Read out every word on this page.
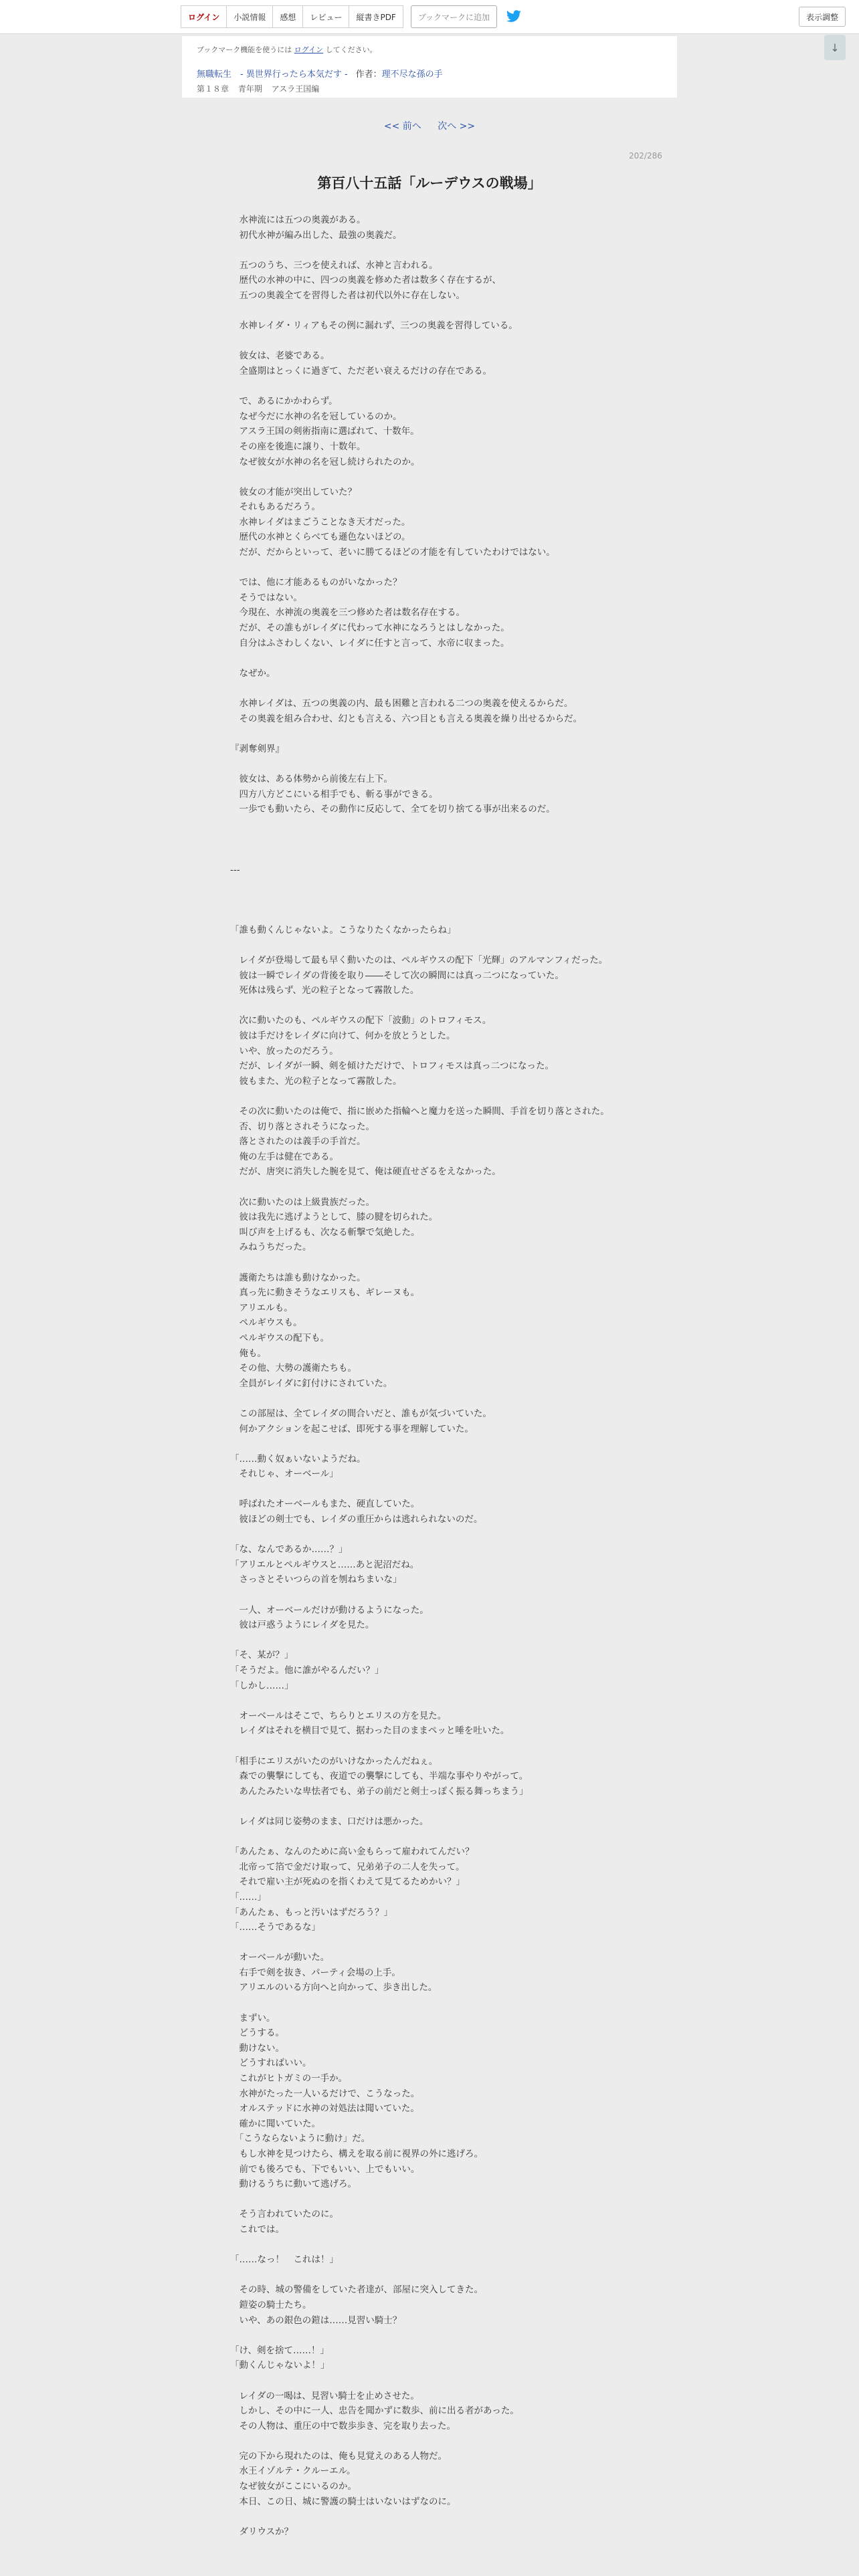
ログイン	小説情報	感想	レビュー	縦書きPDF	ブックマークに追加	表示調整
ブックマーク機能を使うには ログイン してください。
無職転生　- 異世界行ったら本気だす - 作者：理不尽な孫の手
第１８章 青年期 アスラ王国編
↓
<< 前へ 次へ >>
202/286
第百八十五話「ルーデウスの戦場」

　水神流には五つの奥義がある。

　初代水神が編み出した、最強の奥義だ。

　五つのうち、三つを使えれば、水神と言われる。

　歴代の水神の中に、四つの奥義を修めた者は数多く存在するが、

　五つの奥義全てを習得した者は初代以外に存在しない。

　水神レイダ・リィアもその例に漏れず、三つの奥義を習得している。

　彼女は、老婆である。

　全盛期はとっくに過ぎて、ただ老い衰えるだけの存在である。

　で、あるにかかわらず。

　なぜ今だに水神の名を冠しているのか。

　アスラ王国の剣術指南に選ばれて、十数年。

　その座を後進に譲り、十数年。

　なぜ彼女が水神の名を冠し続けられたのか。

　彼女の才能が突出していた？

　それもあるだろう。

　水神レイダはまごうことなき天才だった。

　歴代の水神とくらべても遜色ないほどの。

　だが、だからといって、老いに勝てるほどの才能を有していたわけではない。

　では、他に才能あるものがいなかった？

　そうではない。

　今現在、水神流の奥義を三つ修めた者は数名存在する。

　だが、その誰もがレイダに代わって水神になろうとはしなかった。

　自分はふさわしくない、レイダに任すと言って、水帝に収まった。

　なぜか。

　水神レイダは、五つの奥義の内、最も困難と言われる二つの奥義を使えるからだ。

　その奥義を組み合わせ、幻とも言える、六つ目とも言える奥義を繰り出せるからだ。

『剥奪剣界』

　彼女は、ある体勢から前後左右上下。

　四方八方どこにいる相手でも、斬る事ができる。

　一歩でも動いたら、その動作に反応して、全てを切り捨てる事が出来るのだ。

---

「誰も動くんじゃないよ。こうなりたくなかったらね」

　レイダが登場して最も早く動いたのは、ペルギウスの配下「光輝」のアルマンフィだった。

　彼は一瞬でレイダの背後を取り――そして次の瞬間には真っ二つになっていた。

　死体は残らず、光の粒子となって霧散した。

　次に動いたのも、ペルギウスの配下「波動」のトロフィモス。

　彼は手だけをレイダに向けて、何かを放とうとした。

　いや、放ったのだろう。

　だが、レイダが一瞬、剣を傾けただけで、トロフィモスは真っ二つになった。

　彼もまた、光の粒子となって霧散した。

　その次に動いたのは俺で、指に嵌めた指輪へと魔力を送った瞬間、手首を切り落とされた。

　否、切り落とされそうになった。

　落とされたのは義手の手首だ。

　俺の左手は健在である。

　だが、唐突に消失した腕を見て、俺は硬直せざるをえなかった。

　次に動いたのは上級貴族だった。

　彼は我先に逃げようとして、膝の腱を切られた。

　叫び声を上げるも、次なる斬撃で気絶した。

　みねうちだった。

　護衛たちは誰も動けなかった。

　真っ先に動きそうなエリスも、ギレーヌも。

　アリエルも。

　ペルギウスも。

　ペルギウスの配下も。

　俺も。

　その他、大勢の護衛たちも。

　全員がレイダに釘付けにされていた。

　この部屋は、全てレイダの間合いだと、誰もが気づいていた。

　何かアクションを起こせば、即死する事を理解していた。

「……動く奴ぁいないようだね。

　それじゃ、オーベール」

　呼ばれたオーベールもまた、硬直していた。

　彼ほどの剣士でも、レイダの重圧からは逃れられないのだ。

「な、なんであるか……？」

「アリエルとペルギウスと……あと泥沼だね。

　さっさとそいつらの首を刎ねちまいな」

　一人、オーベールだけが動けるようになった。

　彼は戸惑うようにレイダを見た。

「そ、某が？」

「そうだよ。他に誰がやるんだい？」

「しかし……」

　オーベールはそこで、ちらりとエリスの方を見た。

　レイダはそれを横目で見て、据わった目のままペッと唾を吐いた。

「相手にエリスがいたのがいけなかったんだねぇ。

　森での襲撃にしても、夜道での襲撃にしても、半端な事やりやがって。

　あんたみたいな卑怯者でも、弟子の前だと剣士っぽく振る舞っちまう」

　レイダは同じ姿勢のまま、口だけは悪かった。

「あんたぁ、なんのために高い金もらって雇われてんだい？

　北帝って箔で金だけ取って、兄弟弟子の二人を失って。

　それで雇い主が死ぬのを指くわえて見てるためかい？」

「……」

「あんたぁ、もっと汚いはずだろう？」

「……そうであるな」

　オーベールが動いた。

　右手で剣を抜き、パーティ会場の上手。

　アリエルのいる方向へと向かって、歩き出した。

　まずい。

　どうする。

　動けない。

　どうすればいい。

　これがヒトガミの一手か。

　水神がたった一人いるだけで、こうなった。

　オルステッドに水神の対処法は聞いていた。

　確かに聞いていた。

　「こうならないように動け」だ。

　もし水神を見つけたら、構えを取る前に視界の外に逃げろ。

　前でも後ろでも、下でもいい、上でもいい。

　動けるうちに動いて逃げろ。

　そう言われていたのに。

　これでは。

「……なっ！　これは！」

　その時、城の警備をしていた者達が、部屋に突入してきた。

　鎧姿の騎士たち。

　いや、あの銀色の鎧は……見習い騎士？

「け、剣を捨て……！」

「動くんじゃないよ！」

　レイダの一喝は、見習い騎士を止めさせた。

　しかし、その中に一人、忠告を聞かずに数歩、前に出る者があった。

　その人物は、重圧の中で数歩歩き、完を取り去った。

　完の下から現れたのは、俺も見覚えのある人物だ。

　水王イゾルテ・クルーエル。

　なぜ彼女がここにいるのか。

　本日、この日、城に警護の騎士はいないはずなのに。

　ダリウスか？
